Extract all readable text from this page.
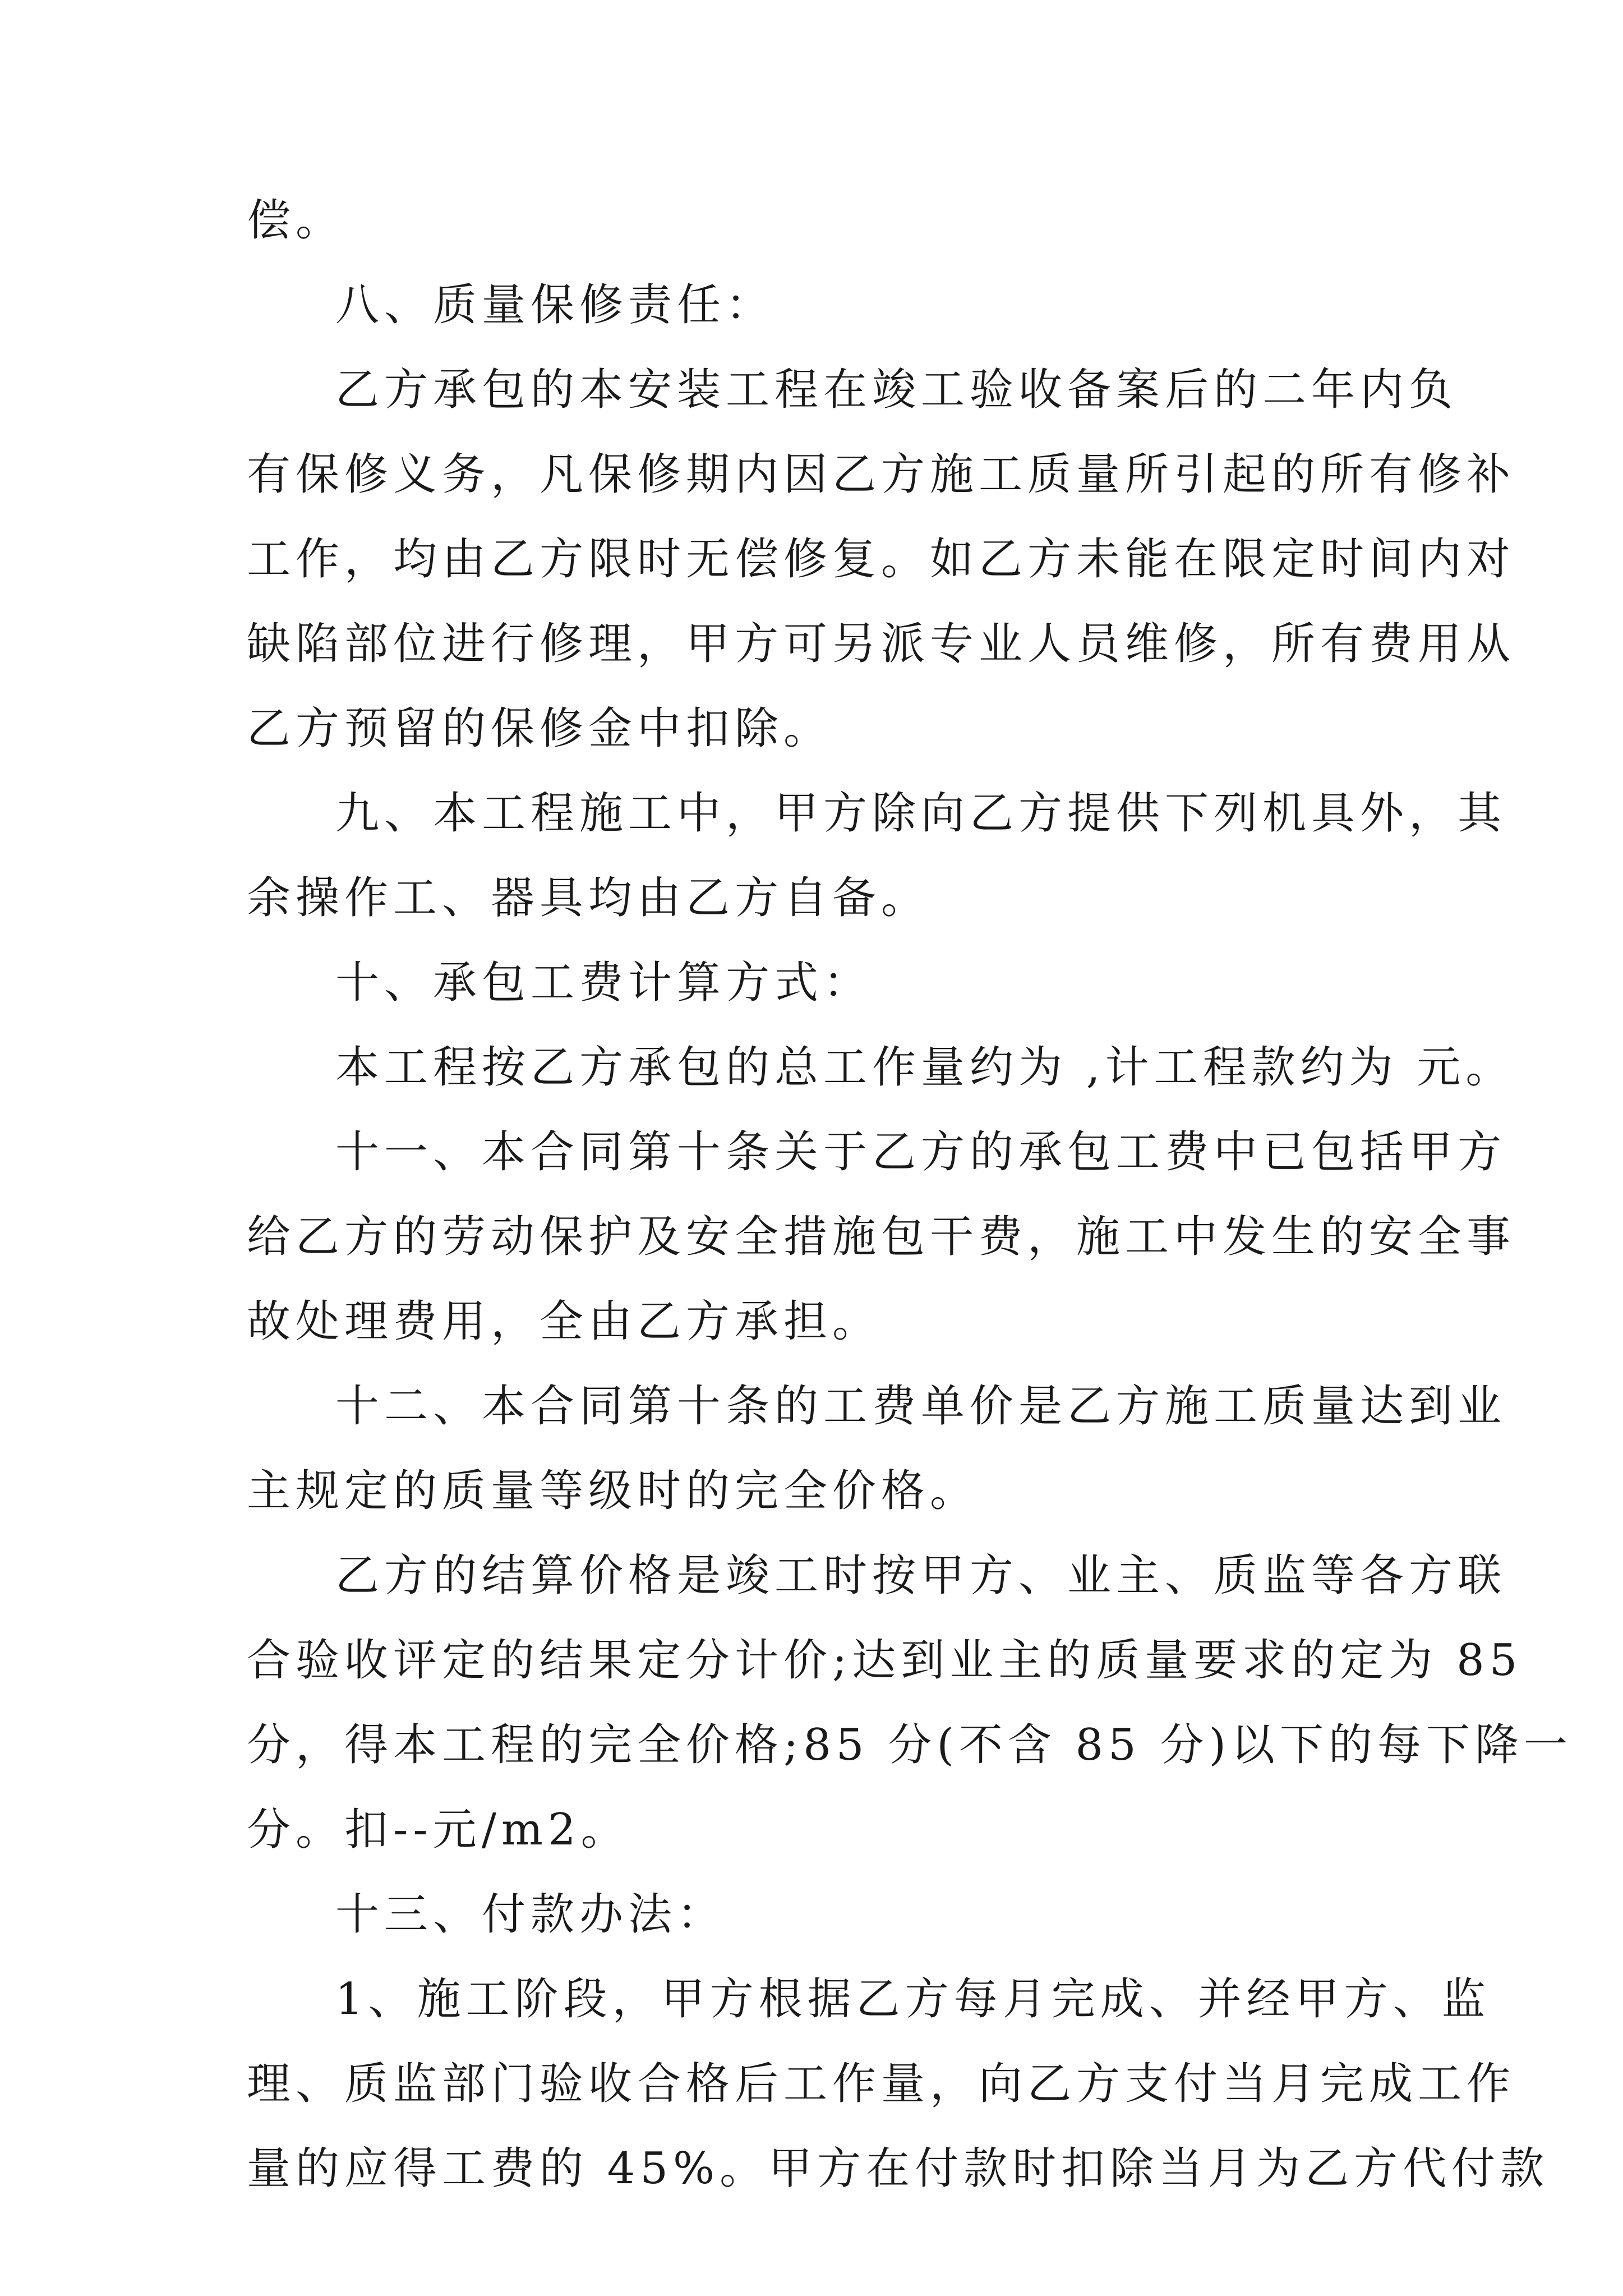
偿。
八、质量保修责任：
乙方承包的本安装工程在竣工验收备案后的二年内负
有保修义务，凡保修期内因乙方施工质量所引起的所有修补
工作，均由乙方限时无偿修复。如乙方未能在限定时间内对
缺陷部位进行修理，甲方可另派专业人员维修，所有费用从
乙方预留的保修金中扣除。
九、本工程施工中，甲方除向乙方提供下列机具外，其
余操作工、器具均由乙方自备。
十、承包工费计算方式：
本工程按乙方承包的总工作量约为 ,计工程款约为 元。
十一、本合同第十条关于乙方的承包工费中已包括甲方
给乙方的劳动保护及安全措施包干费，施工中发生的安全事
故处理费用，全由乙方承担。
十二、本合同第十条的工费单价是乙方施工质量达到业
主规定的质量等级时的完全价格。
乙方的结算价格是竣工时按甲方、业主、质监等各方联
合验收评定的结果定分计价;达到业主的质量要求的定为 85
分，得本工程的完全价格;85 分(不含 85 分)以下的每下降一
分。扣--元/m2。
十三、付款办法：
1、施工阶段，甲方根据乙方每月完成、并经甲方、监
理、质监部门验收合格后工作量，向乙方支付当月完成工作
量的应得工费的 45%。甲方在付款时扣除当月为乙方代付款
